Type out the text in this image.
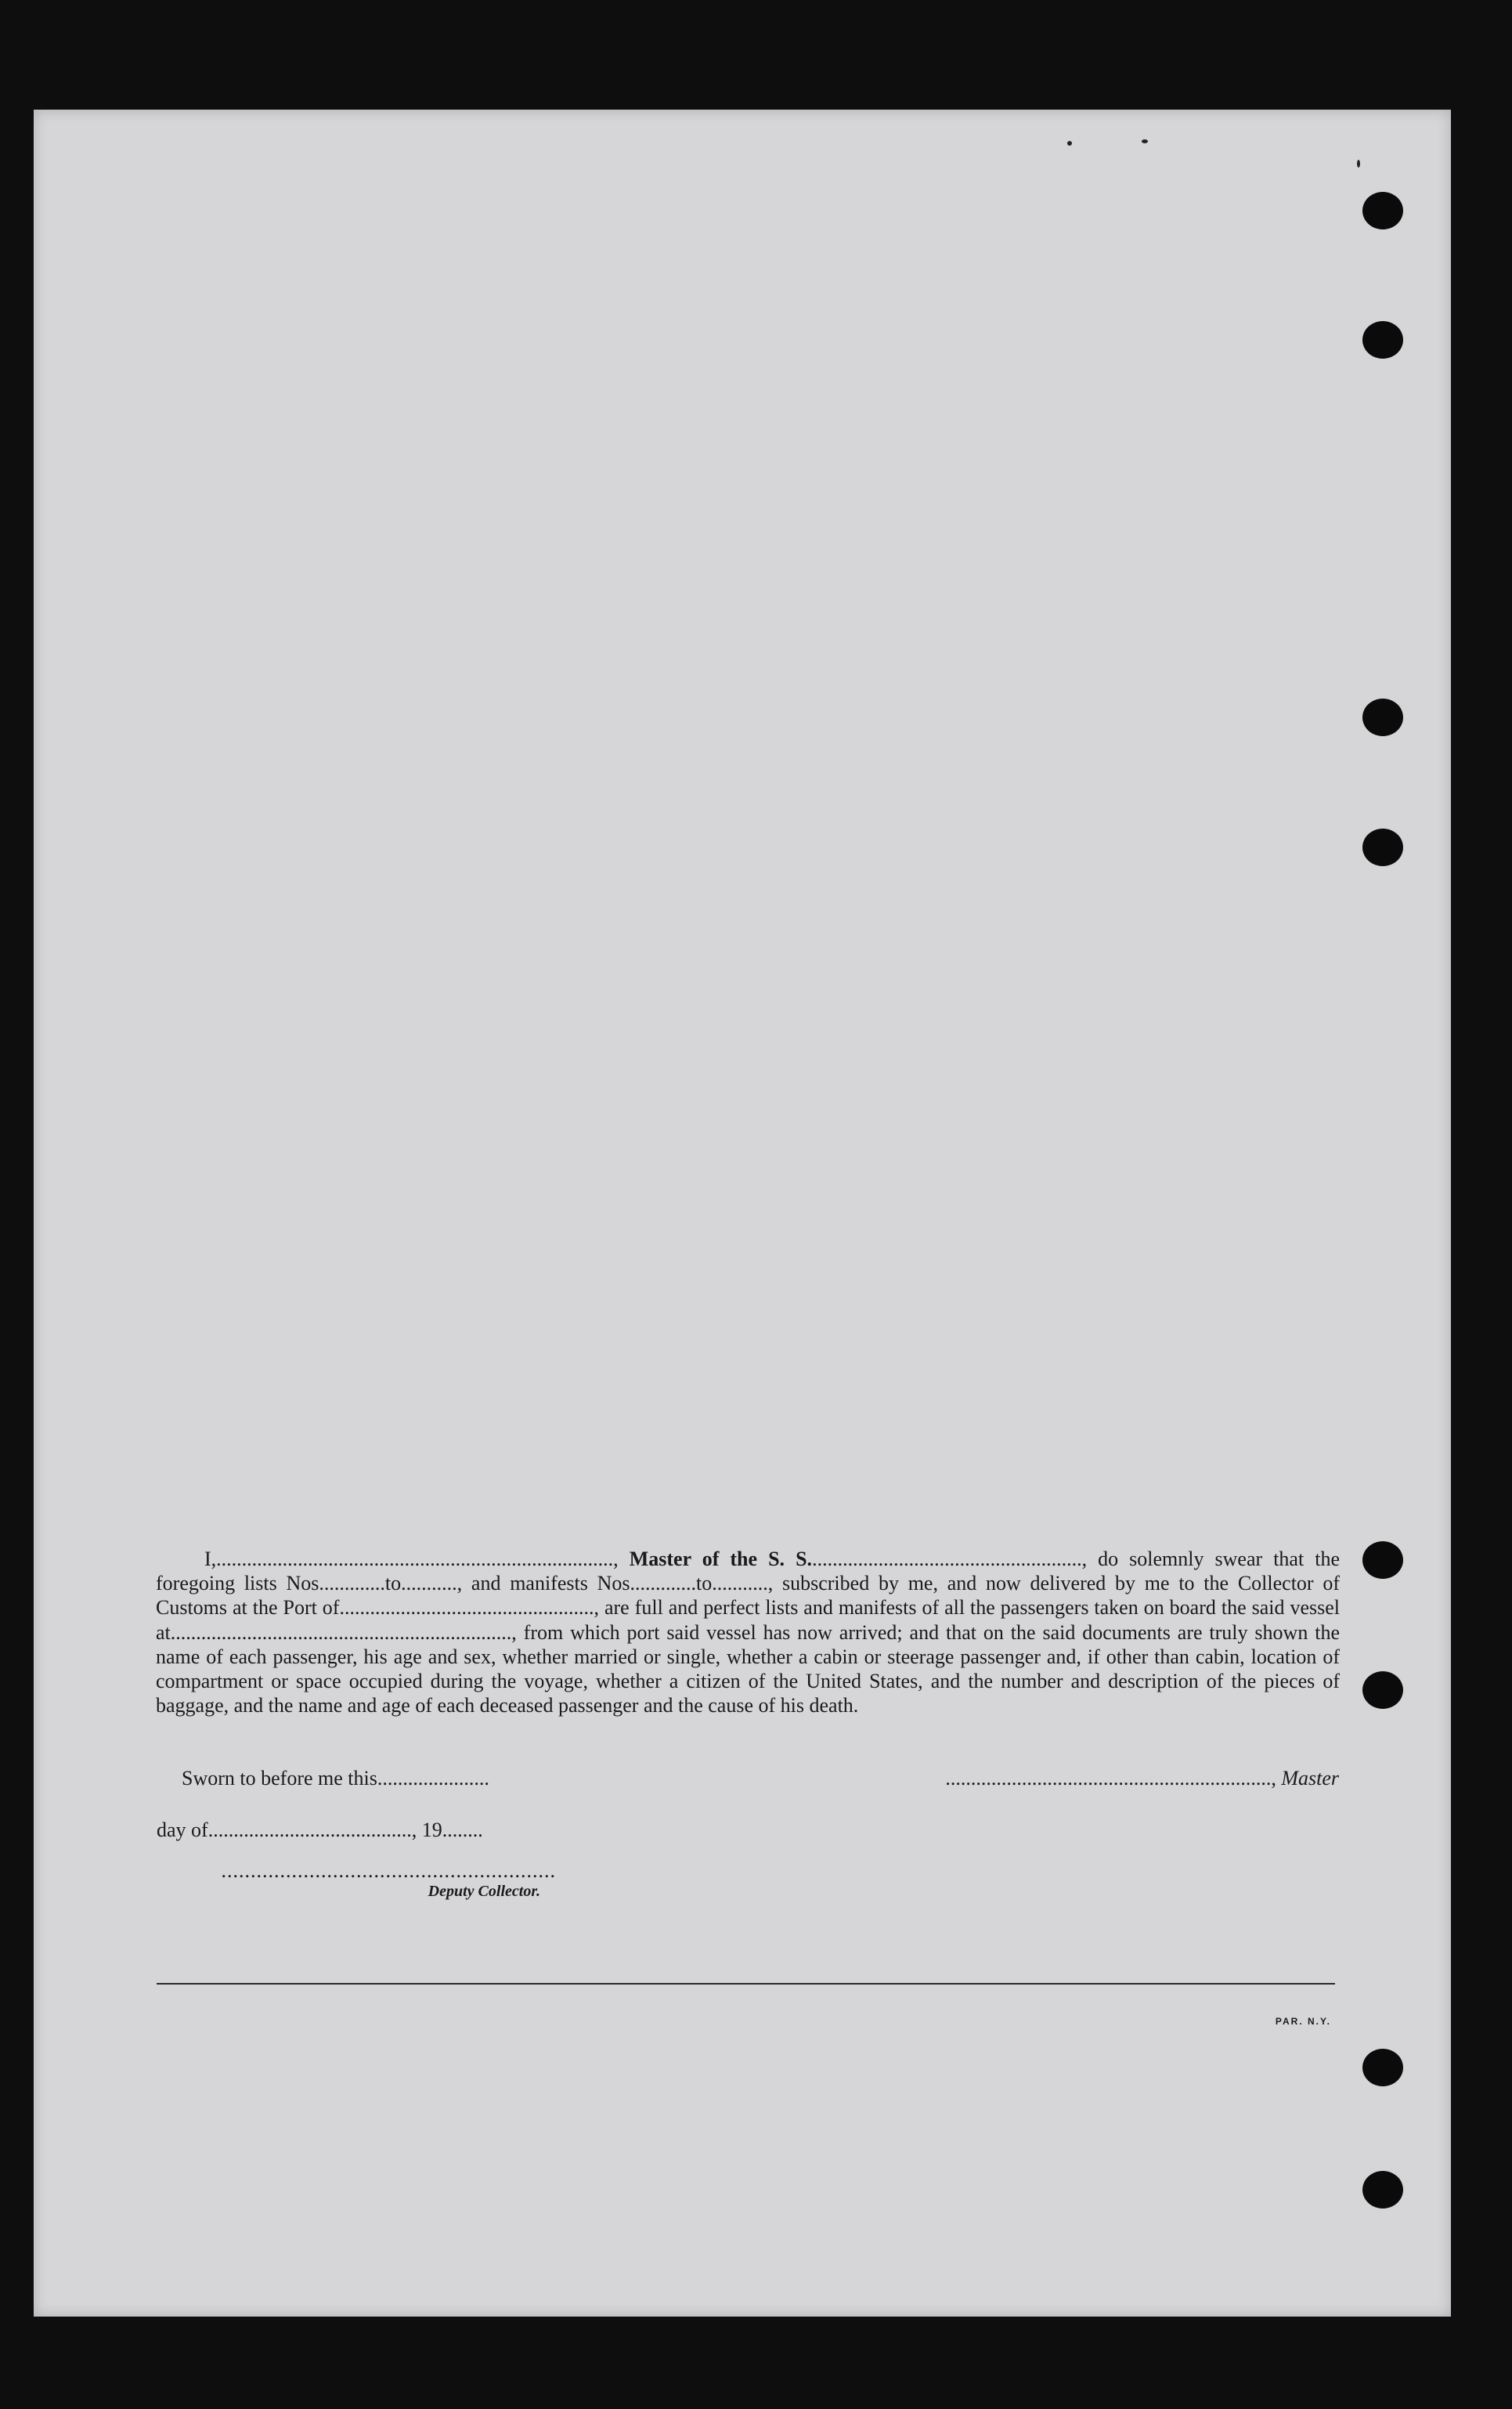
I,.............................................................................., Master of the S. S......................................................, do solemnly swear that the foregoing lists Nos.............to..........., and manifests Nos.............to..........., subscribed by me, and now delivered by me to the Collector of Customs at the Port of.................................................., are full and perfect lists and manifests of all the passengers taken on board the said vessel at..................................................................., from which port said vessel has now arrived; and that on the said documents are truly shown the name of each passenger, his age and sex, whether married or single, whether a cabin or steerage passenger and, if other than cabin, location of compartment or space occupied during the voyage, whether a citizen of the United States, and the number and description of the pieces of baggage, and the name and age of each deceased passenger and the cause of his death.
Sworn to before me this......................	................................................................, Master
day of........................................, 19........
.........................................................
Deputy Collector.
PAR. N.Y.
